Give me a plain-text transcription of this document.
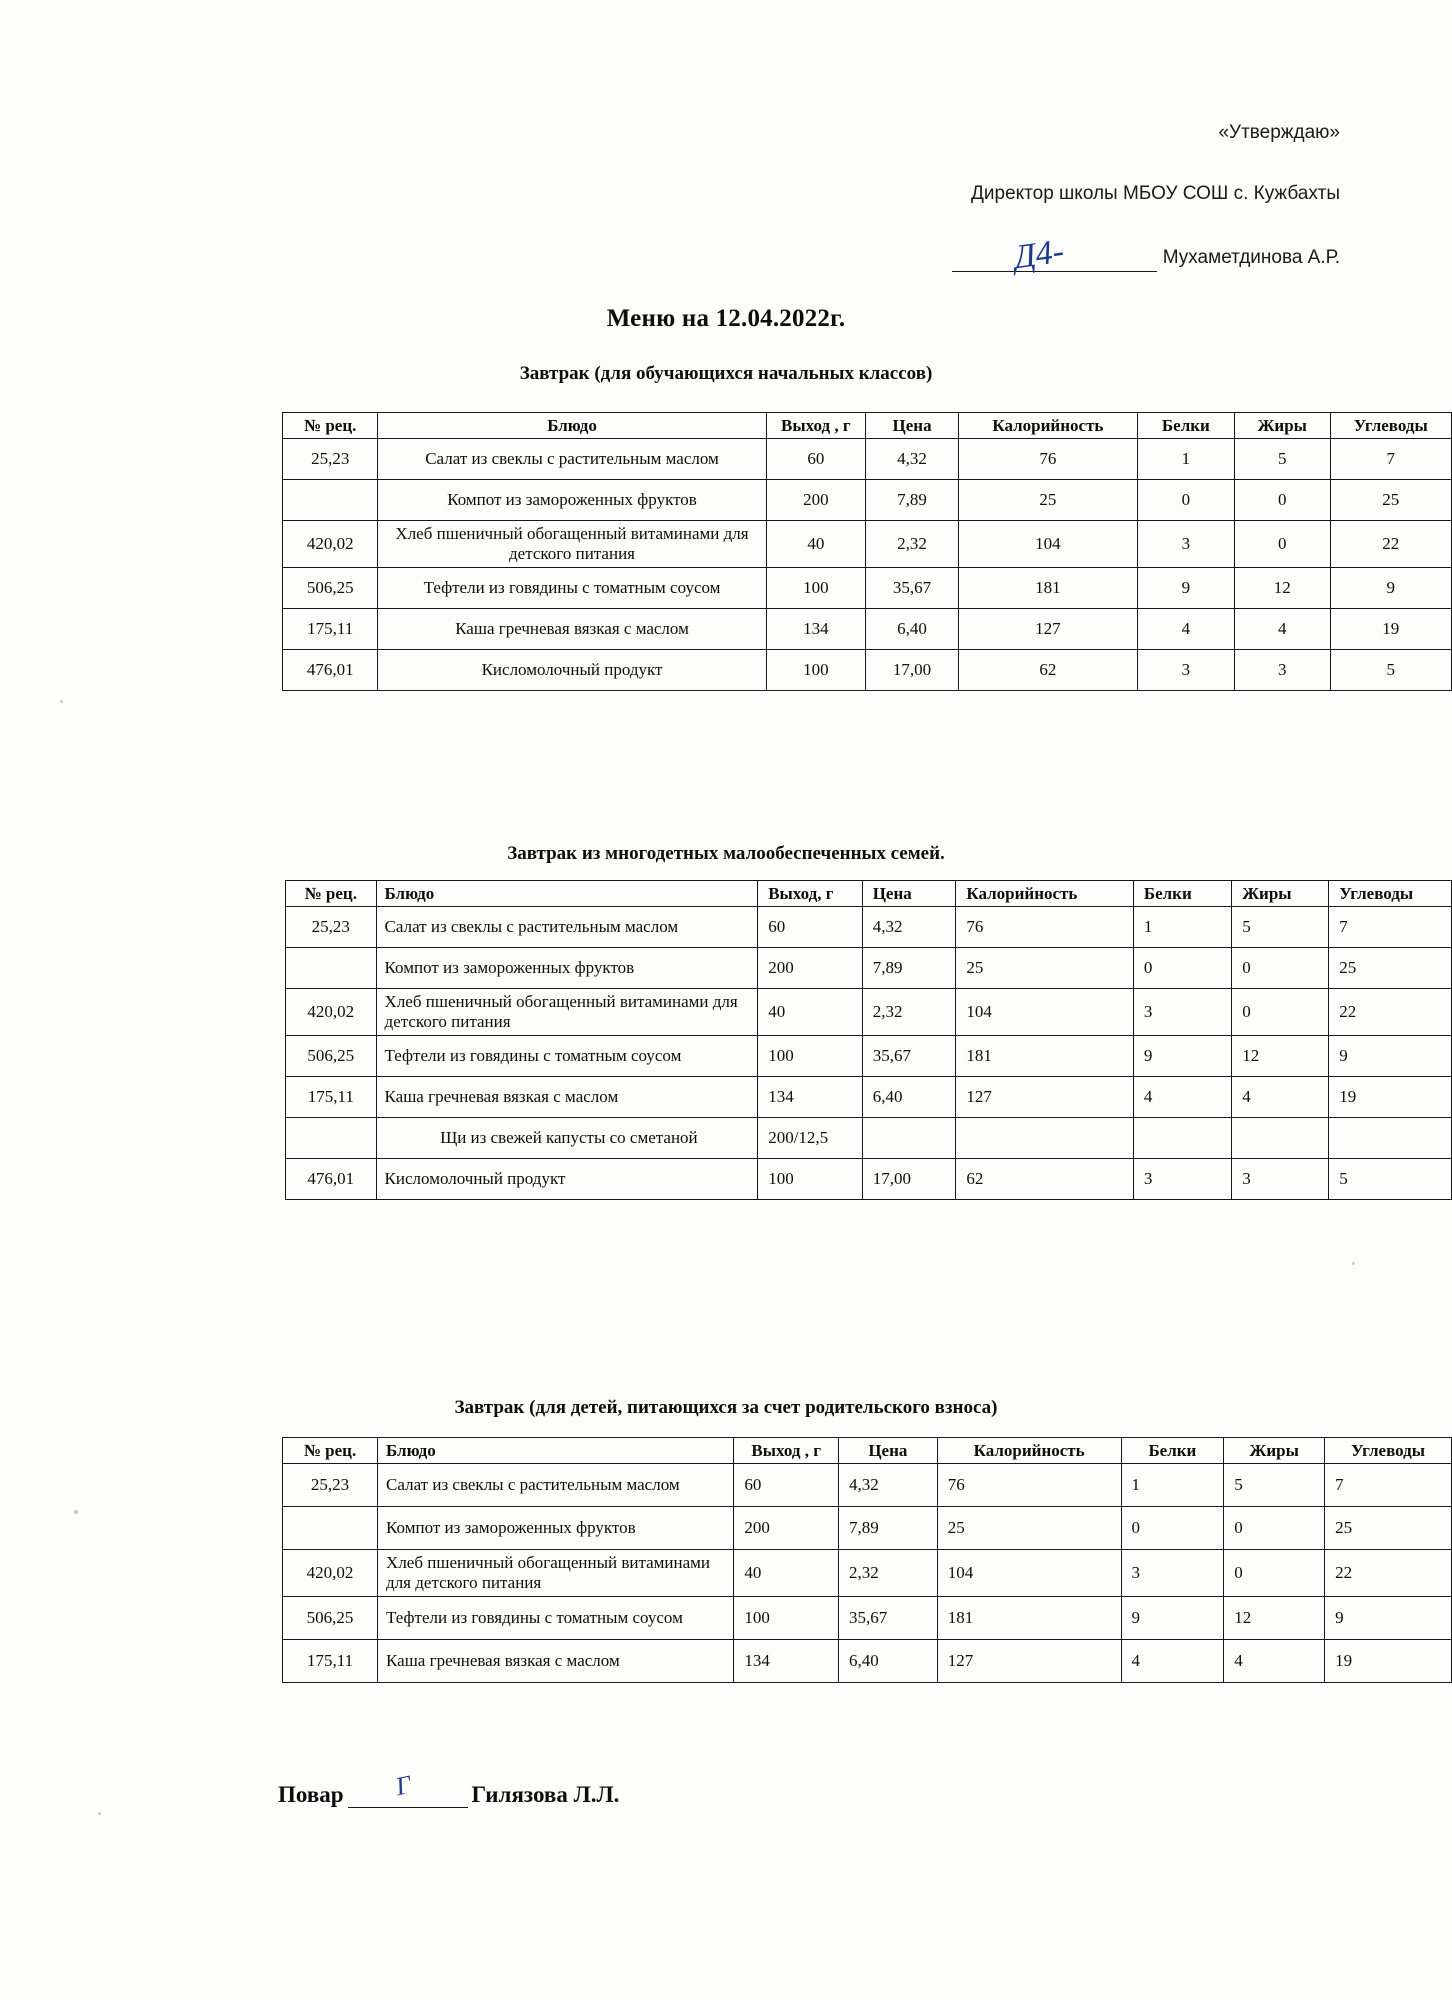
«Утверждаю»
Директор школы МБОУ СОШ с. Кужбахты
Д4-	Мухаметдинова А.Р.
Меню на 12.04.2022г.
Завтрак (для обучающихся начальных классов)
№ рец.	Блюдо	Выход , г	Цена	Калорийность	Белки	Жиры	Углеводы
25,23	Салат из свеклы с растительным маслом	60	4,32	76	1	5	7
	Компот из замороженных фруктов	200	7,89	25	0	0	25
420,02	Хлеб пшеничный обогащенный витаминами для детского питания	40	2,32	104	3	0	22
506,25	Тефтели из говядины с томатным соусом	100	35,67	181	9	12	9
175,11	Каша гречневая вязкая с маслом	134	6,40	127	4	4	19
476,01	Кисломолочный продукт	100	17,00	62	3	3	5
Завтрак из многодетных малообеспеченных семей.
№ рец.	Блюдо	Выход, г	Цена	Калорийность	Белки	Жиры	Углеводы
25,23	Салат из свеклы с растительным маслом	60	4,32	76	1	5	7
	Компот из замороженных фруктов	200	7,89	25	0	0	25
420,02	Хлеб пшеничный обогащенный витаминами для детского питания	40	2,32	104	3	0	22
506,25	Тефтели из говядины с томатным соусом	100	35,67	181	9	12	9
175,11	Каша гречневая вязкая с маслом	134	6,40	127	4	4	19
	Щи из свежей капусты со сметаной	200/12,5					
476,01	Кисломолочный продукт	100	17,00	62	3	3	5
Завтрак (для детей, питающихся за счет родительского взноса)
№ рец.	Блюдо	Выход , г	Цена	Калорийность	Белки	Жиры	Углеводы
25,23	Салат из свеклы с растительным маслом	60	4,32	76	1	5	7
	Компот из замороженных фруктов	200	7,89	25	0	0	25
420,02	Хлеб пшеничный обогащенный витаминами для детского питания	40	2,32	104	3	0	22
506,25	Тефтели из говядины с томатным соусом	100	35,67	181	9	12	9
175,11	Каша гречневая вязкая с маслом	134	6,40	127	4	4	19
Повар Г	Гилязова Л.Л.
